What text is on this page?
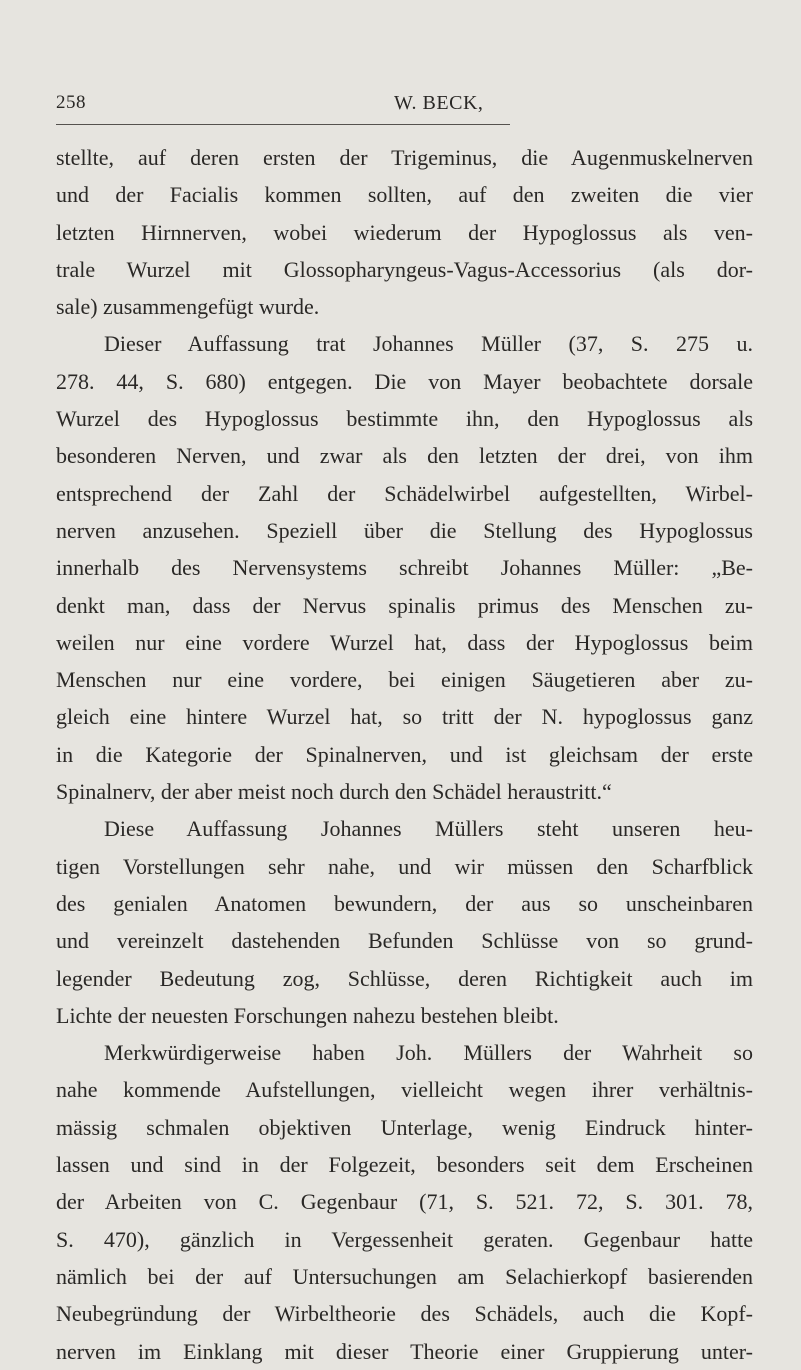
258	W. BECK,
stellte, auf deren ersten der Trigeminus, die Augenmuskelnerven
und der Facialis kommen sollten, auf den zweiten die vier
letzten Hirnnerven, wobei wiederum der Hypoglossus als ven-
trale Wurzel mit Glossopharyngeus-Vagus-Accessorius (als dor-
sale) zusammengefügt wurde.
Dieser Auffassung trat Johannes Müller (37, S. 275 u.
278. 44, S. 680) entgegen. Die von Mayer beobachtete dorsale
Wurzel des Hypoglossus bestimmte ihn, den Hypoglossus als
besonderen Nerven, und zwar als den letzten der drei, von ihm
entsprechend der Zahl der Schädelwirbel aufgestellten, Wirbel-
nerven anzusehen. Speziell über die Stellung des Hypoglossus
innerhalb des Nervensystems schreibt Johannes Müller: „Be-
denkt man, dass der Nervus spinalis primus des Menschen zu-
weilen nur eine vordere Wurzel hat, dass der Hypoglossus beim
Menschen nur eine vordere, bei einigen Säugetieren aber zu-
gleich eine hintere Wurzel hat, so tritt der N. hypoglossus ganz
in die Kategorie der Spinalnerven, und ist gleichsam der erste
Spinalnerv, der aber meist noch durch den Schädel heraustritt.“
Diese Auffassung Johannes Müllers steht unseren heu-
tigen Vorstellungen sehr nahe, und wir müssen den Scharfblick
des genialen Anatomen bewundern, der aus so unscheinbaren
und vereinzelt dastehenden Befunden Schlüsse von so grund-
legender Bedeutung zog, Schlüsse, deren Richtigkeit auch im
Lichte der neuesten Forschungen nahezu bestehen bleibt.
Merkwürdigerweise haben Joh. Müllers der Wahrheit so
nahe kommende Aufstellungen, vielleicht wegen ihrer verhältnis-
mässig schmalen objektiven Unterlage, wenig Eindruck hinter-
lassen und sind in der Folgezeit, besonders seit dem Erscheinen
der Arbeiten von C. Gegenbaur (71, S. 521. 72, S. 301. 78,
S. 470), gänzlich in Vergessenheit geraten. Gegenbaur hatte
nämlich bei der auf Untersuchungen am Selachierkopf basierenden
Neubegründung der Wirbeltheorie des Schädels, auch die Kopf-
nerven im Einklang mit dieser Theorie einer Gruppierung unter-
